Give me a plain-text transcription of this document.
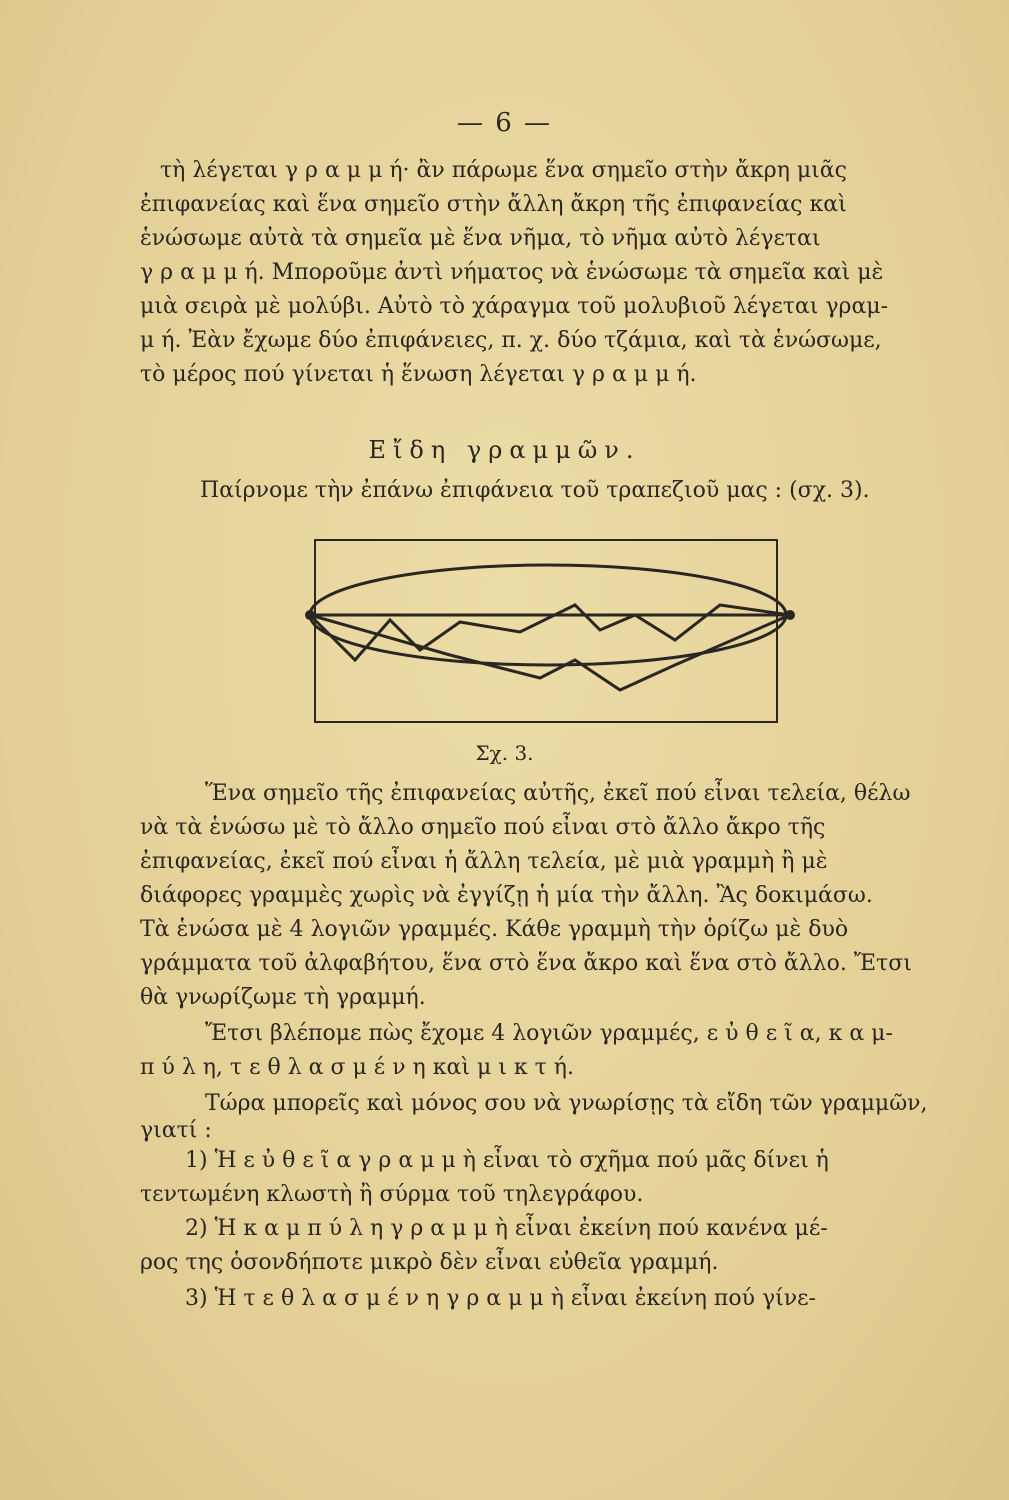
— 6 —
τὴ λέγεται γ ρ α μ μ ή· ἂν πάρωμε ἕνα σημεῖο στὴν ἄκρη μιᾶς
ἐπιφανείας καὶ ἕνα σημεῖο στὴν ἄλλη ἄκρη τῆς ἐπιφανείας καὶ
ἑνώσωμε αὐτὰ τὰ σημεῖα μὲ ἕνα νῆμα, τὸ νῆμα αὐτὸ λέγεται
γ ρ α μ μ ή. Μποροῦμε ἀντὶ νήματος νὰ ἑνώσωμε τὰ σημεῖα καὶ μὲ
μιὰ σειρὰ μὲ μολύβι. Αὐτὸ τὸ χάραγμα τοῦ μολυβιοῦ λέγεται γραμ-
μ ή. Ἐὰν ἔχωμε δύο ἐπιφάνειες, π. χ. δύο τζάμια, καὶ τὰ ἑνώσωμε,
τὸ μέρος πού γίνεται ἡ ἕνωση λέγεται γ ρ α μ μ ή.
Εἴδη γραμμῶν.
Παίρνομε τὴν ἐπάνω ἐπιφάνεια τοῦ τραπεζιοῦ μας : (σχ. 3).
Σχ. 3.
Ἕνα σημεῖο τῆς ἐπιφανείας αὐτῆς, ἐκεῖ πού εἶναι τελεία, θέλω
νὰ τὰ ἑνώσω μὲ τὸ ἄλλο σημεῖο πού εἶναι στὸ ἄλλο ἄκρο τῆς
ἐπιφανείας, ἐκεῖ πού εἶναι ἡ ἄλλη τελεία, μὲ μιὰ γραμμὴ ἢ μὲ
διάφορες γραμμὲς χωρὶς νὰ ἐγγίζῃ ἡ μία τὴν ἄλλη. Ἂς δοκιμάσω.
Τὰ ἑνώσα μὲ 4 λογιῶν γραμμές. Κάθε γραμμὴ τὴν ὁρίζω μὲ δυὸ
γράμματα τοῦ ἀλφαβήτου, ἕνα στὸ ἕνα ἄκρο καὶ ἕνα στὸ ἄλλο. Ἔτσι
θὰ γνωρίζωμε τὴ γραμμή.
Ἔτσι βλέπομε πὼς ἔχομε 4 λογιῶν γραμμές, ε ὐ θ ε ῖ α, κ α μ-
π ύ λ η, τ ε θ λ α σ μ έ ν η καὶ μ ι κ τ ή.
Τώρα μπορεῖς καὶ μόνος σου νὰ γνωρίσῃς τὰ εἴδη τῶν γραμμῶν,
γιατί :
1) Ἡ ε ὐ θ ε ῖ α γ ρ α μ μ ὴ εἶναι τὸ σχῆμα πού μᾶς δίνει ἡ
τεντωμένη κλωστὴ ἢ σύρμα τοῦ τηλεγράφου.
2) Ἡ κ α μ π ύ λ η γ ρ α μ μ ὴ εἶναι ἐκείνη πού κανένα μέ-
ρος της ὁσονδήποτε μικρὸ δὲν εἶναι εὐθεῖα γραμμή.
3) Ἡ τ ε θ λ α σ μ έ ν η γ ρ α μ μ ὴ εἶναι ἐκείνη πού γίνε-
